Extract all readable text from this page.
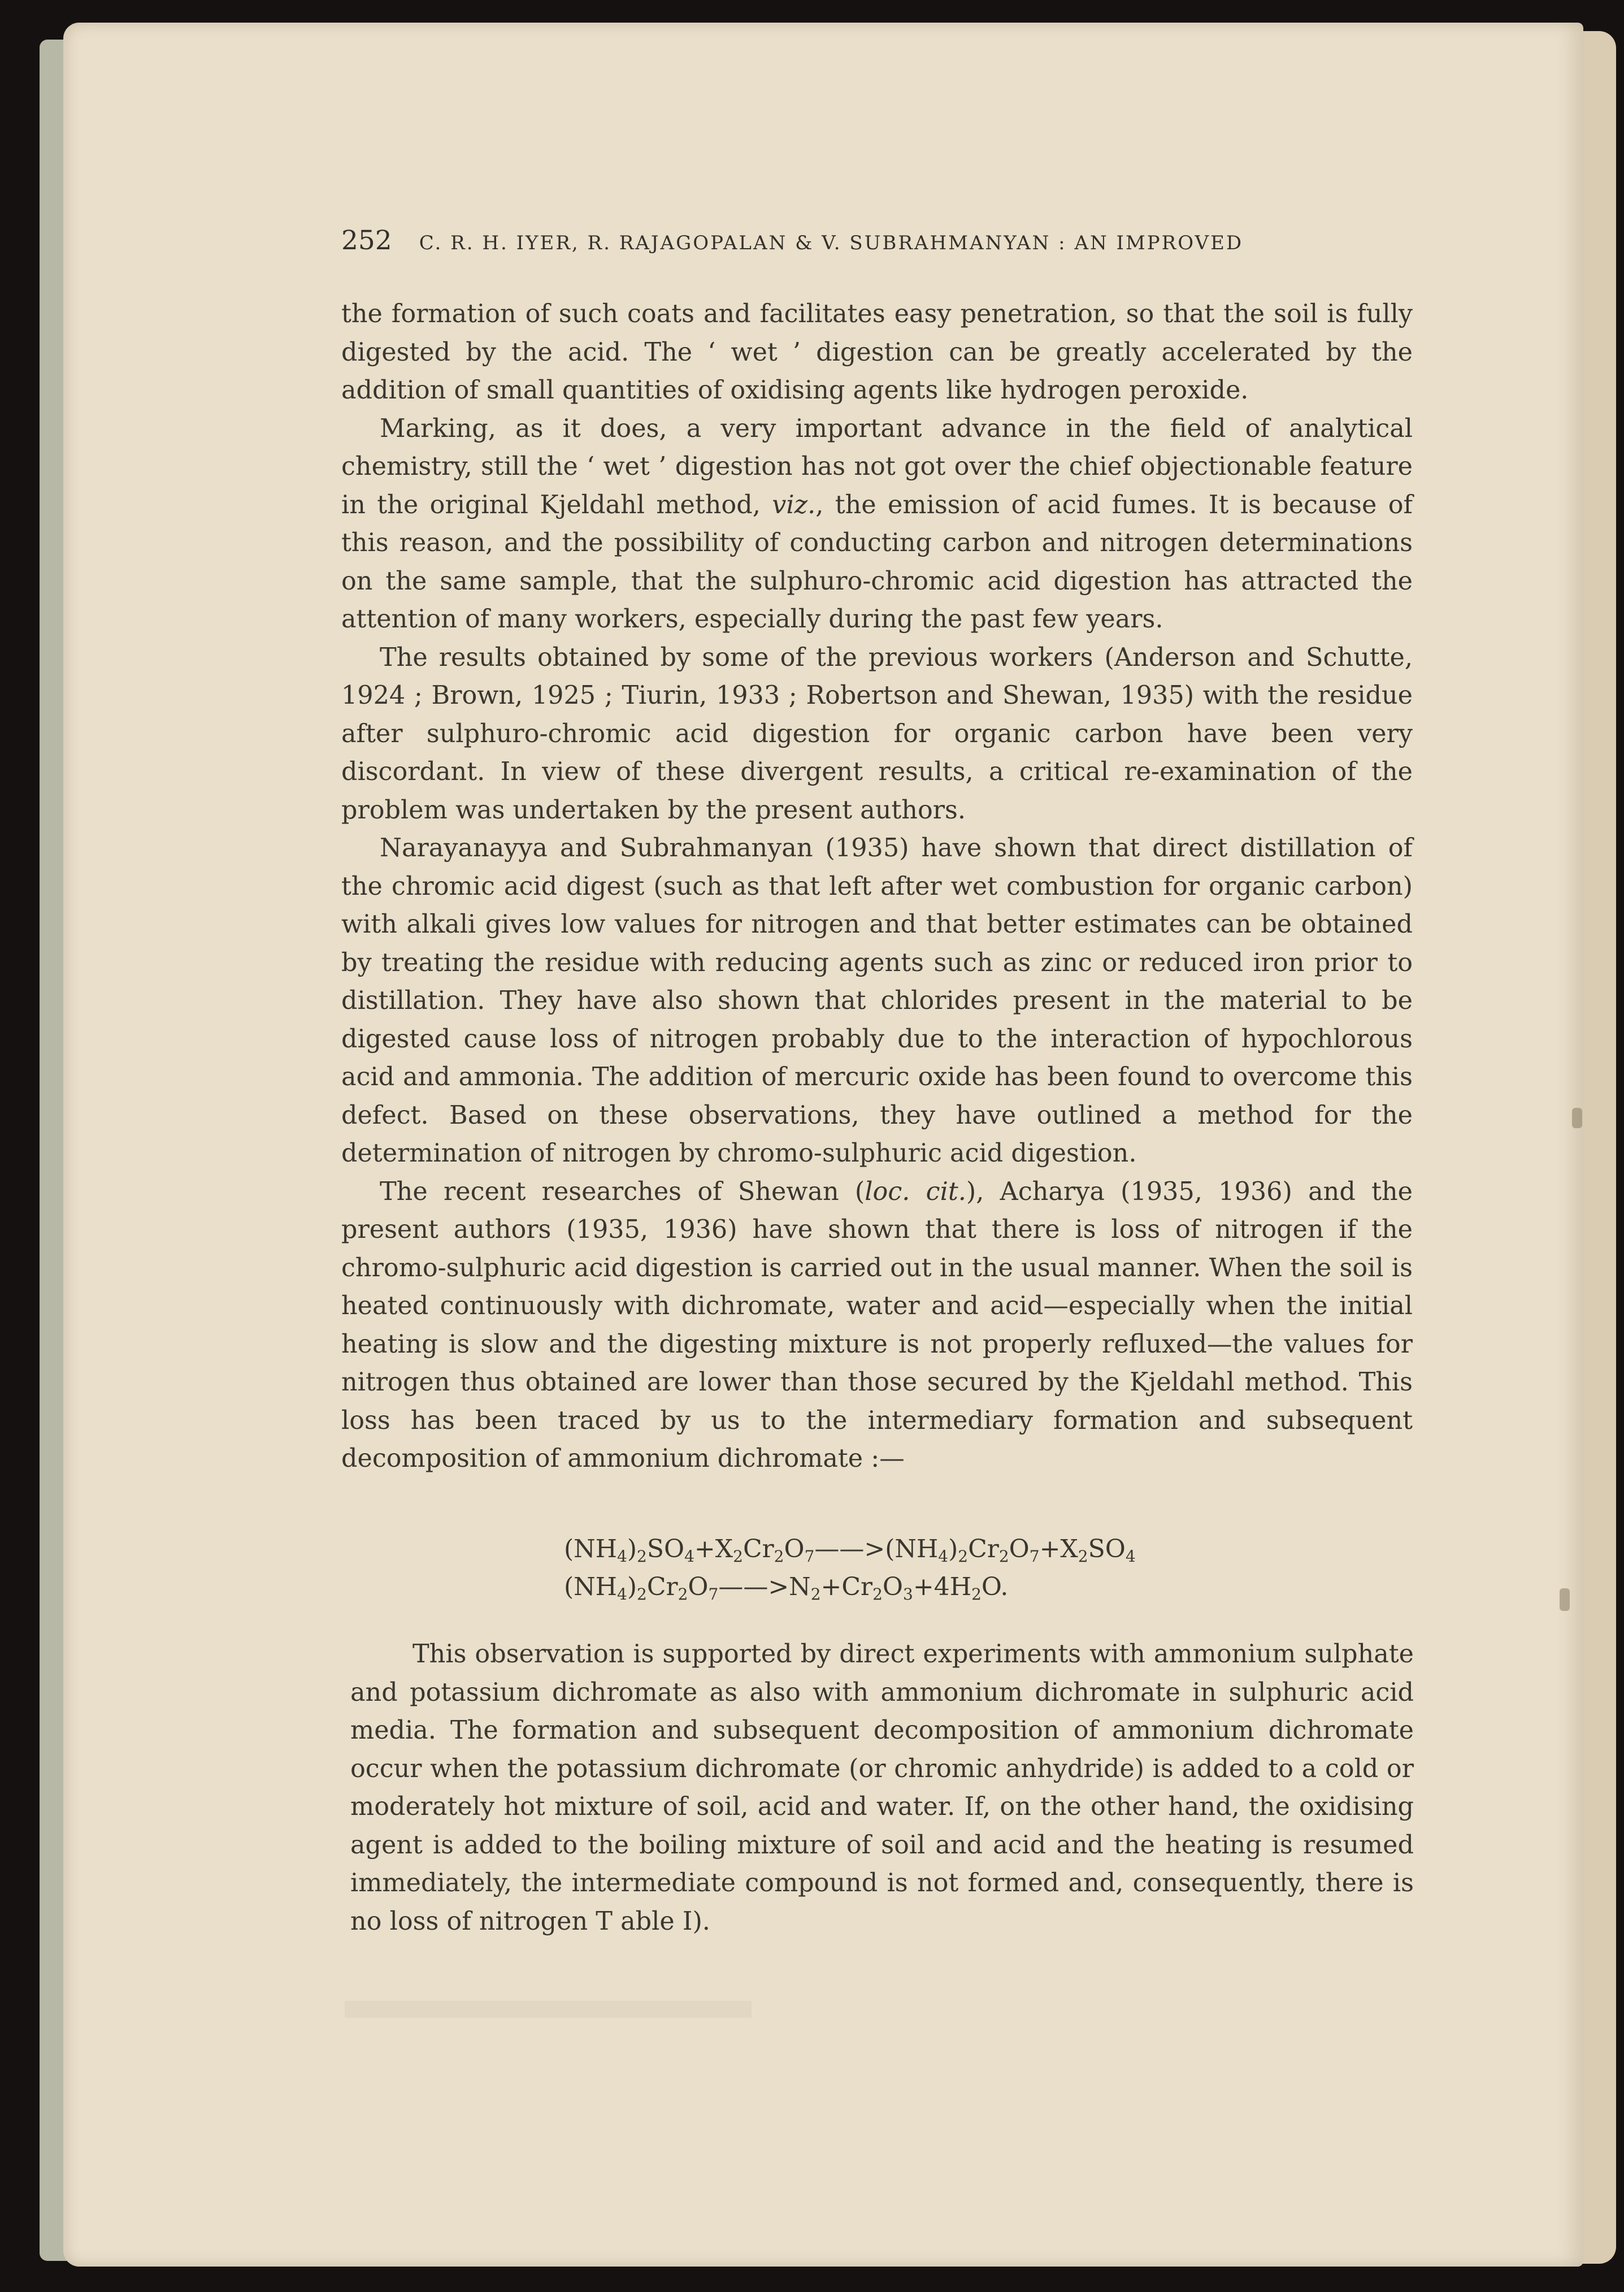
252 C. R. H. IYER, R. RAJAGOPALAN & V. SUBRAHMANYAN : AN IMPROVED

the formation of such coats and facilitates easy penetration, so that the soil is fully digested by the acid. The ‘ wet ’ digestion can be greatly accelerated by the addition of small quantities of oxidising agents like hydrogen peroxide.

Marking, as it does, a very important advance in the field of analytical chemistry, still the ‘ wet ’ digestion has not got over the chief objectionable feature in the original Kjeldahl method, viz., the emission of acid fumes. It is because of this reason, and the possibility of conducting carbon and nitrogen determinations on the same sample, that the sulphuro-chromic acid digestion has attracted the attention of many workers, especially during the past few years.

The results obtained by some of the previous workers (Anderson and Schutte, 1924 ; Brown, 1925 ; Tiurin, 1933 ; Robertson and Shewan, 1935) with the residue after sulphuro-chromic acid digestion for organic carbon have been very discordant. In view of these divergent results, a critical re-examination of the problem was undertaken by the present authors.

Narayanayya and Subrahmanyan (1935) have shown that direct distillation of the chromic acid digest (such as that left after wet combustion for organic carbon) with alkali gives low values for nitrogen and that better estimates can be obtained by treating the residue with reducing agents such as zinc or reduced iron prior to distillation. They have also shown that chlorides present in the material to be digested cause loss of nitrogen probably due to the interaction of hypochlorous acid and ammonia. The addition of mercuric oxide has been found to overcome this defect. Based on these observations, they have outlined a method for the determination of nitrogen by chromo-sulphuric acid digestion.

The recent researches of Shewan (loc. cit.), Acharya (1935, 1936) and the present authors (1935, 1936) have shown that there is loss of nitrogen if the chromo-sulphuric acid digestion is carried out in the usual manner. When the soil is heated continuously with dichromate, water and acid—especially when the initial heating is slow and the digesting mixture is not properly refluxed—the values for nitrogen thus obtained are lower than those secured by the Kjeldahl method. This loss has been traced by us to the intermediary formation and subsequent decomposition of ammonium dichromate :—

$(NH_4)_2SO_4+X_2Cr_2O_7——>(NH_4)_2Cr_2O_7+X_2SO_4$
$(NH_4)_2Cr_2O_7——>N_2+Cr_2O_3+4H_2O$.

This observation is supported by direct experiments with ammonium sulphate and potassium dichromate as also with ammonium dichromate in sulphuric acid media. The formation and subsequent decomposition of ammonium dichromate occur when the potassium dichromate (or chromic anhydride) is added to a cold or moderately hot mixture of soil, acid and water. If, on the other hand, the oxidising agent is added to the boiling mixture of soil and acid and the heating is resumed immediately, the intermediate compound is not formed and, consequently, there is no loss of nitrogen T able I).
